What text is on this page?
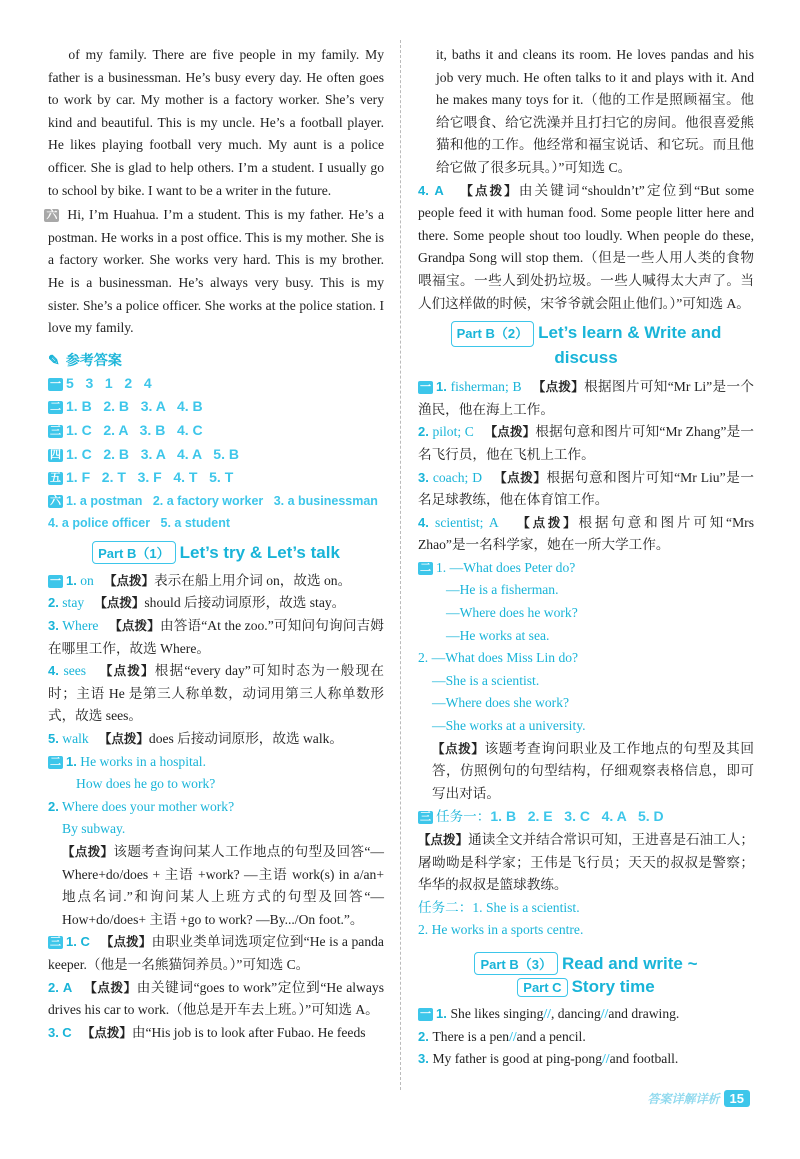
of my family. There are five people in my family. My father is a businessman. He’s busy every day. He often goes to work by car. My mother is a factory worker. She’s very kind and beautiful. This is my uncle. He’s a football player. He likes playing football very much. My aunt is a police officer. She is glad to help others. I’m a student. I usually go to school by bike. I want to be a writer in the future.

六 Hi, I’m Huahua. I’m a student. This is my father. He’s a postman. He works in a post office. This is my mother. She is a factory worker. She works very hard. This is my brother. He is a businessman. He’s always very busy. This is my sister. She’s a police officer. She works at the police station. I love my family.

✎ 参考答案
一 5   3   1   2   4
二 1. B   2. B   3. A   4. B
三 1. C   2. A   3. B   4. C
四 1. C   2. B   3. A   4. A   5. B
五 1. F   2. T   3. F   4. T   5. T
六 1. a postman   2. a factory worker   3. a businessman
4. a police officer   5. a student
Part B（1） Let’s try & Let’s talk
一 1. on 【点拨】表示在船上用介词 on，故选 on。
2. stay 【点拨】should 后接动词原形，故选 stay。
3. Where 【点拨】由答语“At the zoo.”可知问句询问吉姆在哪里工作，故选 Where。
4. sees 【点拨】根据“every day”可知时态为一般现在时；主语 He 是第三人称单数，动词用第三人称单数形式，故选 sees。
5. walk 【点拨】does 后接动词原形，故选 walk。
二 1. He works in a hospital.
How does he go to work?
2. Where does your mother work?
By subway.
【点拨】该题考查询问某人工作地点的句型及回答“—Where+do/does + 主语 +work? —主语 work(s) in a/an+ 地点名词.”和询问某人上班方式的句型及回答“—How+do/does+ 主语 +go to work? —By.../On foot.”。
三 1. C 【点拨】由职业类单词选项定位到“He is a panda keeper.（他是一名熊猫饲养员。）”可知选 C。
2. A 【点拨】由关键词“goes to work”定位到“He always drives his car to work.（他总是开车去上班。）”可知选 A。
3. C 【点拨】由“His job is to look after Fubao. He feeds

it, baths it and cleans its room. He loves pandas and his job very much. He often talks to it and plays with it. And he makes many toys for it.（他的工作是照顾福宝。他给它喂食、给它洗澡并且打扫它的房间。他很喜爱熊猫和他的工作。他经常和福宝说话、和它玩。而且他给它做了很多玩具。）”可知选 C。

4. A 【点拨】由关键词“shouldn’t”定位到“But some people feed it with human food. Some people litter here and there. Some people shout too loudly. When people do these, Grandpa Song will stop them.（但是一些人用人类的食物喂福宝。一些人到处扔垃圾。一些人喊得太大声了。当人们这样做的时候，宋爷爷就会阻止他们。）”可知选 A。
Part B（2） Let’s learn & Write and discuss
一 1. fisherman; B 【点拨】根据图片可知“Mr Li”是一个渔民，他在海上工作。
2. pilot; C 【点拨】根据句意和图片可知“Mr Zhang”是一名飞行员，他在飞机上工作。
3. coach; D 【点拨】根据句意和图片可知“Mr Liu”是一名足球教练，他在体育馆工作。
4. scientist; A 【点拨】根据句意和图片可知“Mrs Zhao”是一名科学家，她在一所大学工作。
二 1. —What does Peter do?
—He is a fisherman.
—Where does he work?
—He works at sea.
2. —What does Miss Lin do?
—She is a scientist.
—Where does she work?
—She works at a university.
【点拨】该题考查询问职业及工作地点的句型及其回答，仿照例句的句型结构，仔细观察表格信息，即可写出对话。
三 任务一：1. B   2. E   3. C   4. A   5. D
【点拨】通读全文并结合常识可知，王进喜是石油工人；屠呦呦是科学家；王伟是飞行员；天天的叔叔是警察；华华的叔叔是篮球教练。
任务二：1. She is a scientist.
2. He works in a sports centre.
Part B（3） Read and write ~
Part C Story time
一 1. She likes singing//, dancing//and drawing.
2. There is a pen//and a pencil.
3. My father is good at ping-pong//and football.
答案详解详析 15
